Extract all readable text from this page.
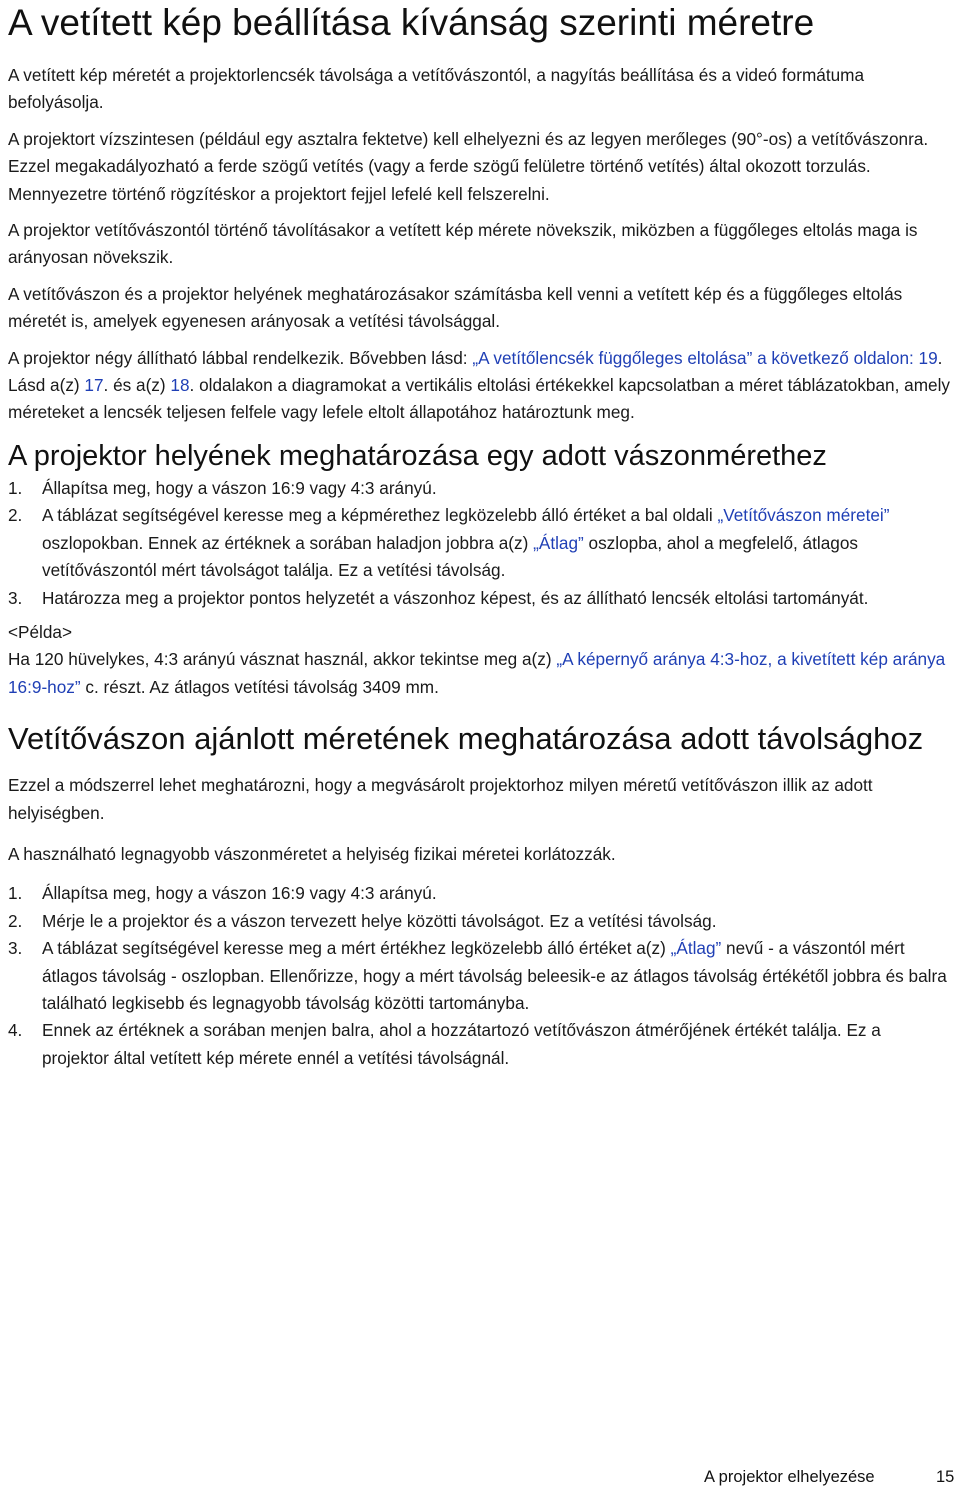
A vetített kép beállítása kívánság szerinti méretre

A vetített kép méretét a projektorlencsék távolsága a vetítővászontól, a nagyítás beállítása és a videó formátuma befolyásolja.

A projektort vízszintesen (például egy asztalra fektetve) kell elhelyezni és az legyen merőleges (90°-os) a vetítővászonra. Ezzel megakadályozható a ferde szögű vetítés (vagy a ferde szögű felületre történő vetítés) által okozott torzulás. Mennyezetre történő rögzítéskor a projektort fejjel lefelé kell felszerelni.

A projektor vetítővászontól történő távolításakor a vetített kép mérete növekszik, miközben a függőleges eltolás maga is arányosan növekszik.

A vetítővászon és a projektor helyének meghatározásakor számításba kell venni a vetített kép és a függőleges eltolás méretét is, amelyek egyenesen arányosak a vetítési távolsággal.

A projektor négy állítható lábbal rendelkezik. Bővebben lásd: „A vetítőlencsék függőleges eltolása” a következő oldalon: 19. Lásd a(z) 17. és a(z) 18. oldalakon a diagramokat a vertikális eltolási értékekkel kapcsolatban a méret táblázatokban, amely méreteket a lencsék teljesen felfele vagy lefele eltolt állapotához határoztunk meg.

A projektor helyének meghatározása egy adott vászonmérethez
1. Állapítsa meg, hogy a vászon 16:9 vagy 4:3 arányú.
2. A táblázat segítségével keresse meg a képmérethez legközelebb álló értéket a bal oldali „Vetítővászon méretei” oszlopokban. Ennek az értéknek a sorában haladjon jobbra a(z) „Átlag” oszlopba, ahol a megfelelő, átlagos vetítővászontól mért távolságot találja. Ez a vetítési távolság.
3. Határozza meg a projektor pontos helyzetét a vászonhoz képest, és az állítható lencsék eltolási tartományát.

<Példa>

Ha 120 hüvelykes, 4:3 arányú vásznat használ, akkor tekintse meg a(z) „A képernyő aránya 4:3-hoz, a kivetített kép aránya 16:9-hoz” c. részt. Az átlagos vetítési távolság 3409 mm.

Vetítővászon ajánlott méretének meghatározása adott távolsághoz

Ezzel a módszerrel lehet meghatározni, hogy a megvásárolt projektorhoz milyen méretű vetítővászon illik az adott helyiségben.

A használható legnagyobb vászonméretet a helyiség fizikai méretei korlátozzák.

1. Állapítsa meg, hogy a vászon 16:9 vagy 4:3 arányú.
2. Mérje le a projektor és a vászon tervezett helye közötti távolságot. Ez a vetítési távolság.
3. A táblázat segítségével keresse meg a mért értékhez legközelebb álló értéket a(z) „Átlag” nevű - a vászontól mért átlagos távolság - oszlopban. Ellenőrizze, hogy a mért távolság beleesik-e az átlagos távolság értékétől jobbra és balra található legkisebb és legnagyobb távolság közötti tartományba.
4. Ennek az értéknek a sorában menjen balra, ahol a hozzátartozó vetítővászon átmérőjének értékét találja. Ez a projektor által vetített kép mérete ennél a vetítési távolságnál.
A projektor elhelyezése	15
